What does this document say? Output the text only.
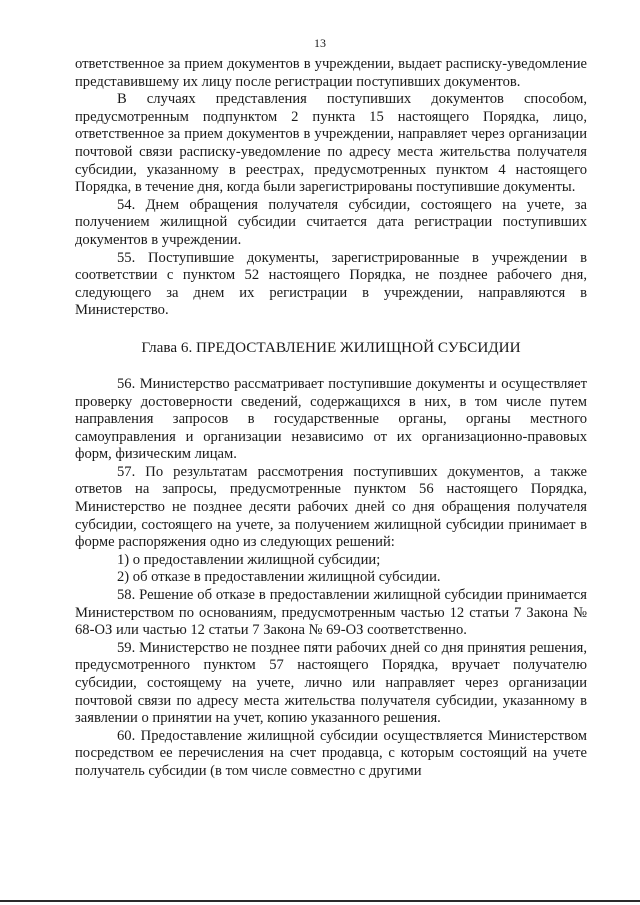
13

ответственное за прием документов в учреждении, выдает расписку-уведомление представившему их лицу после регистрации поступивших документов.

В случаях представления поступивших документов способом, предусмотренным подпунктом 2 пункта 15 настоящего Порядка, лицо, ответственное за прием документов в учреждении, направляет через организации почтовой связи расписку-уведомление по адресу места жительства получателя субсидии, указанному в реестрах, предусмотренных пунктом 4 настоящего Порядка, в течение дня, когда были зарегистрированы поступившие документы.

54. Днем обращения получателя субсидии, состоящего на учете, за получением жилищной субсидии считается дата регистрации поступивших документов в учреждении.

55. Поступившие документы, зарегистрированные в учреждении в соответствии с пунктом 52 настоящего Порядка, не позднее рабочего дня, следующего за днем их регистрации в учреждении, направляются в Министерство.

Глава 6. ПРЕДОСТАВЛЕНИЕ ЖИЛИЩНОЙ СУБСИДИИ

56. Министерство рассматривает поступившие документы и осуществляет проверку достоверности сведений, содержащихся в них, в том числе путем направления запросов в государственные органы, органы местного самоуправления и организации независимо от их организационно-правовых форм, физическим лицам.

57. По результатам рассмотрения поступивших документов, а также ответов на запросы, предусмотренные пунктом 56 настоящего Порядка, Министерство не позднее десяти рабочих дней со дня обращения получателя субсидии, состоящего на учете, за получением жилищной субсидии принимает в форме распоряжения одно из следующих решений:

1) о предоставлении жилищной субсидии;

2) об отказе в предоставлении жилищной субсидии.

58. Решение об отказе в предоставлении жилищной субсидии принимается Министерством по основаниям, предусмотренным частью 12 статьи 7 Закона № 68-ОЗ или частью 12 статьи 7 Закона № 69-ОЗ соответственно.

59. Министерство не позднее пяти рабочих дней со дня принятия решения, предусмотренного пунктом 57 настоящего Порядка, вручает получателю субсидии, состоящему на учете, лично или направляет через организации почтовой связи по адресу места жительства получателя субсидии, указанному в заявлении о принятии на учет, копию указанного решения.

60. Предоставление жилищной субсидии осуществляется Министерством посредством ее перечисления на счет продавца, с которым состоящий на учете получатель субсидии (в том числе совместно с другими
